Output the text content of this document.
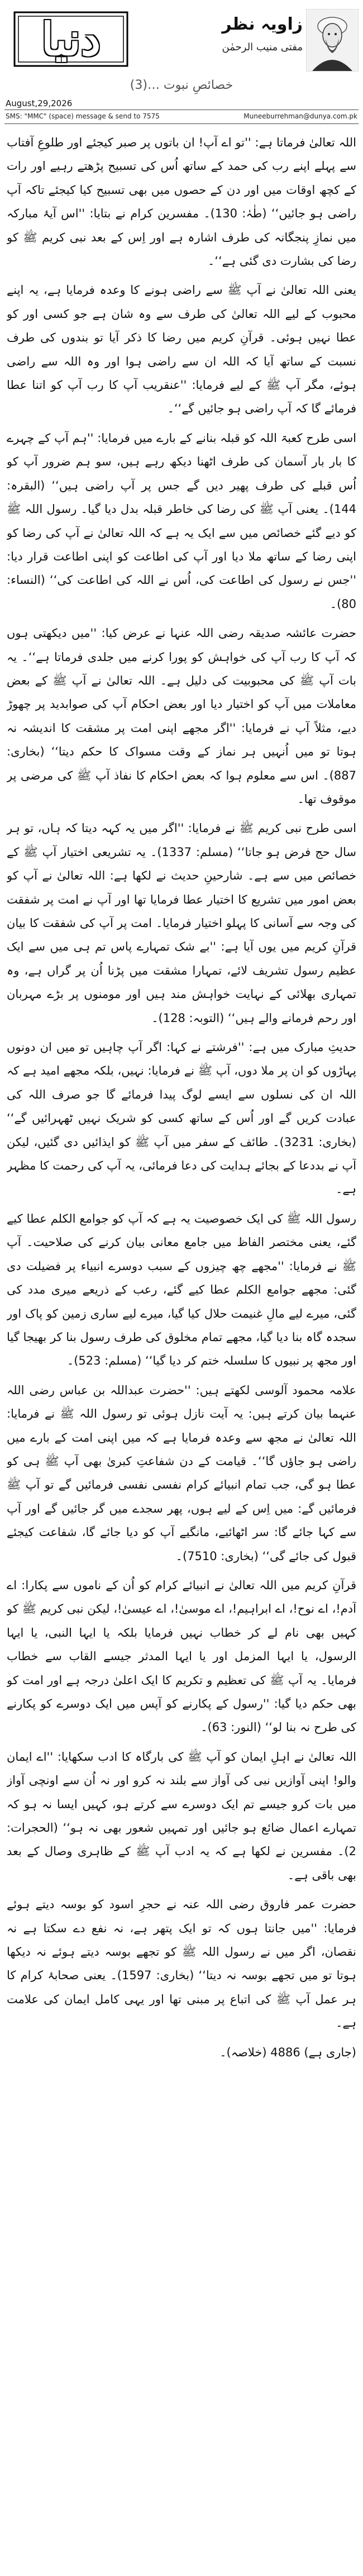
دنیا	زاویہ نظر
مفتی منیب الرحمٰن
خصائصِ نبوت …(3)
August,29,2026
SMS: "MMC" (space) message & send to 7575	Muneeburrehman@dunya.com.pk

اللہ تعالیٰ فرماتا ہے: ''تو اے آپ! ان باتوں پر صبر کیجئے اور طلوعِ آفتاب سے پہلے اپنے رب کی حمد کے ساتھ اُس کی تسبیح پڑھتے رہیے اور رات کے کچھ اوقات میں اور دن کے حصوں میں بھی تسبیح کیا کیجئے تاکہ آپ راضی ہو جائیں‘‘ (طٰہٰ: 130)۔ مفسرین کرام نے بتایا: ''اس آیۂ مبارکہ میں نمازِ پنجگانہ کی طرف اشارہ ہے اور اِس کے بعد نبی کریم ﷺ کو رضا کی بشارت دی گئی ہے‘‘۔

یعنی اللہ تعالیٰ نے آپ ﷺ سے راضی ہونے کا وعدہ فرمایا ہے، یہ اپنے محبوب کے لیے اللہ تعالیٰ کی طرف سے وہ شان ہے جو کسی اور کو عطا نہیں ہوئی۔ قرآنِ کریم میں رضا کا ذکر آیا تو بندوں کی طرف نسبت کے ساتھ آیا کہ اللہ ان سے راضی ہوا اور وہ اللہ سے راضی ہوئے، مگر آپ ﷺ کے لیے فرمایا: ''عنقریب آپ کا رب آپ کو اتنا عطا فرمائے گا کہ آپ راضی ہو جائیں گے‘‘۔

اسی طرح کعبۃ اللہ کو قبلہ بنانے کے بارے میں فرمایا: ''ہم آپ کے چہرے کا بار بار آسمان کی طرف اٹھنا دیکھ رہے ہیں، سو ہم ضرور آپ کو اُس قبلے کی طرف پھیر دیں گے جس پر آپ راضی ہیں‘‘ (البقرہ: 144)۔ یعنی آپ ﷺ کی رضا کی خاطر قبلہ بدل دیا گیا۔ رسول اللہ ﷺ کو دیے گئے خصائص میں سے ایک یہ ہے کہ اللہ تعالیٰ نے آپ کی رضا کو اپنی رضا کے ساتھ ملا دیا اور آپ کی اطاعت کو اپنی اطاعت قرار دیا: ''جس نے رسول کی اطاعت کی، اُس نے اللہ کی اطاعت کی‘‘ (النساء: 80)۔

حضرت عائشہ صدیقہ رضی اللہ عنہا نے عرض کیا: ''میں دیکھتی ہوں کہ آپ کا رب آپ کی خواہش کو پورا کرنے میں جلدی فرماتا ہے‘‘۔ یہ بات آپ ﷺ کی محبوبیت کی دلیل ہے۔ اللہ تعالیٰ نے آپ ﷺ کے بعض معاملات میں آپ کو اختیار دیا اور بعض احکام آپ کی صوابدید پر چھوڑ دیے، مثلاً آپ نے فرمایا: ''اگر مجھے اپنی امت پر مشقت کا اندیشہ نہ ہوتا تو میں اُنہیں ہر نماز کے وقت مسواک کا حکم دیتا‘‘ (بخاری: 887)۔ اس سے معلوم ہوا کہ بعض احکام کا نفاذ آپ ﷺ کی مرضی پر موقوف تھا۔

اسی طرح نبی کریم ﷺ نے فرمایا: ''اگر میں یہ کہہ دیتا کہ ہاں، تو ہر سال حج فرض ہو جاتا‘‘ (مسلم: 1337)۔ یہ تشریعی اختیار آپ ﷺ کے خصائص میں سے ہے۔ شارحینِ حدیث نے لکھا ہے: اللہ تعالیٰ نے آپ کو بعض امور میں تشریع کا اختیار عطا فرمایا تھا اور آپ نے امت پر شفقت کی وجہ سے آسانی کا پہلو اختیار فرمایا۔ امت پر آپ کی شفقت کا بیان قرآنِ کریم میں یوں آیا ہے: ''بے شک تمہارے پاس تم ہی میں سے ایک عظیم رسول تشریف لائے، تمہارا مشقت میں پڑنا اُن پر گراں ہے، وہ تمہاری بھلائی کے نہایت خواہش مند ہیں اور مومنوں پر بڑے مہربان اور رحم فرمانے والے ہیں‘‘ (التوبہ: 128)۔

حدیثِ مبارک میں ہے: ''فرشتے نے کہا: اگر آپ چاہیں تو میں ان دونوں پہاڑوں کو ان پر ملا دوں، آپ ﷺ نے فرمایا: نہیں، بلکہ مجھے امید ہے کہ اللہ ان کی نسلوں سے ایسے لوگ پیدا فرمائے گا جو صرف اللہ کی عبادت کریں گے اور اُس کے ساتھ کسی کو شریک نہیں ٹھہرائیں گے‘‘ (بخاری: 3231)۔ طائف کے سفر میں آپ ﷺ کو ایذائیں دی گئیں، لیکن آپ نے بددعا کے بجائے ہدایت کی دعا فرمائی، یہ آپ کی رحمت کا مظہر ہے۔

رسول اللہ ﷺ کی ایک خصوصیت یہ ہے کہ آپ کو جوامع الکلم عطا کیے گئے، یعنی مختصر الفاظ میں جامع معانی بیان کرنے کی صلاحیت۔ آپ ﷺ نے فرمایا: ''مجھے چھ چیزوں کے سبب دوسرے انبیاء پر فضیلت دی گئی: مجھے جوامع الکلم عطا کیے گئے، رعب کے ذریعے میری مدد کی گئی، میرے لیے مالِ غنیمت حلال کیا گیا، میرے لیے ساری زمین کو پاک اور سجدہ گاہ بنا دیا گیا، مجھے تمام مخلوق کی طرف رسول بنا کر بھیجا گیا اور مجھ پر نبیوں کا سلسلہ ختم کر دیا گیا‘‘ (مسلم: 523)۔

علامہ محمود آلوسی لکھتے ہیں: ''حضرت عبداللہ بن عباس رضی اللہ عنہما بیان کرتے ہیں: یہ آیت نازل ہوئی تو رسول اللہ ﷺ نے فرمایا: اللہ تعالیٰ نے مجھ سے وعدہ فرمایا ہے کہ میں اپنی امت کے بارے میں راضی ہو جاؤں گا‘‘۔ قیامت کے دن شفاعتِ کبریٰ بھی آپ ﷺ ہی کو عطا ہو گی، جب تمام انبیائے کرام نفسی نفسی فرمائیں گے تو آپ ﷺ فرمائیں گے: میں اِس کے لیے ہوں، پھر سجدے میں گر جائیں گے اور آپ سے کہا جائے گا: سر اٹھائیے، مانگیے آپ کو دیا جائے گا، شفاعت کیجئے قبول کی جائے گی‘‘ (بخاری: 7510)۔

قرآنِ کریم میں اللہ تعالیٰ نے انبیائے کرام کو اُن کے ناموں سے پکارا: اے آدم!، اے نوح!، اے ابراہیم!، اے موسیٰ!، اے عیسیٰ!، لیکن نبی کریم ﷺ کو کہیں بھی نام لے کر خطاب نہیں فرمایا بلکہ یا ایہا النبی، یا ایہا الرسول، یا ایہا المزمل اور یا ایہا المدثر جیسے القاب سے خطاب فرمایا۔ یہ آپ ﷺ کی تعظیم و تکریم کا ایک اعلیٰ درجہ ہے اور امت کو بھی حکم دیا گیا: ''رسول کے پکارنے کو آپس میں ایک دوسرے کو پکارنے کی طرح نہ بنا لو‘‘ (النور: 63)۔

اللہ تعالیٰ نے اہلِ ایمان کو آپ ﷺ کی بارگاہ کا ادب سکھایا: ''اے ایمان والو! اپنی آوازیں نبی کی آواز سے بلند نہ کرو اور نہ اُن سے اونچی آواز میں بات کرو جیسے تم ایک دوسرے سے کرتے ہو، کہیں ایسا نہ ہو کہ تمہارے اعمال ضائع ہو جائیں اور تمہیں شعور بھی نہ ہو‘‘ (الحجرات: 2)۔ مفسرین نے لکھا ہے کہ یہ ادب آپ ﷺ کے ظاہری وصال کے بعد بھی باقی ہے۔

حضرت عمر فاروق رضی اللہ عنہ نے حجرِ اسود کو بوسہ دیتے ہوئے فرمایا: ''میں جانتا ہوں کہ تو ایک پتھر ہے، نہ نفع دے سکتا ہے نہ نقصان، اگر میں نے رسول اللہ ﷺ کو تجھے بوسہ دیتے ہوئے نہ دیکھا ہوتا تو میں تجھے بوسہ نہ دیتا‘‘ (بخاری: 1597)۔ یعنی صحابۂ کرام کا ہر عمل آپ ﷺ کی اتباع پر مبنی تھا اور یہی کامل ایمان کی علامت ہے۔

(جاری ہے) 4886 (خلاصہ)۔
